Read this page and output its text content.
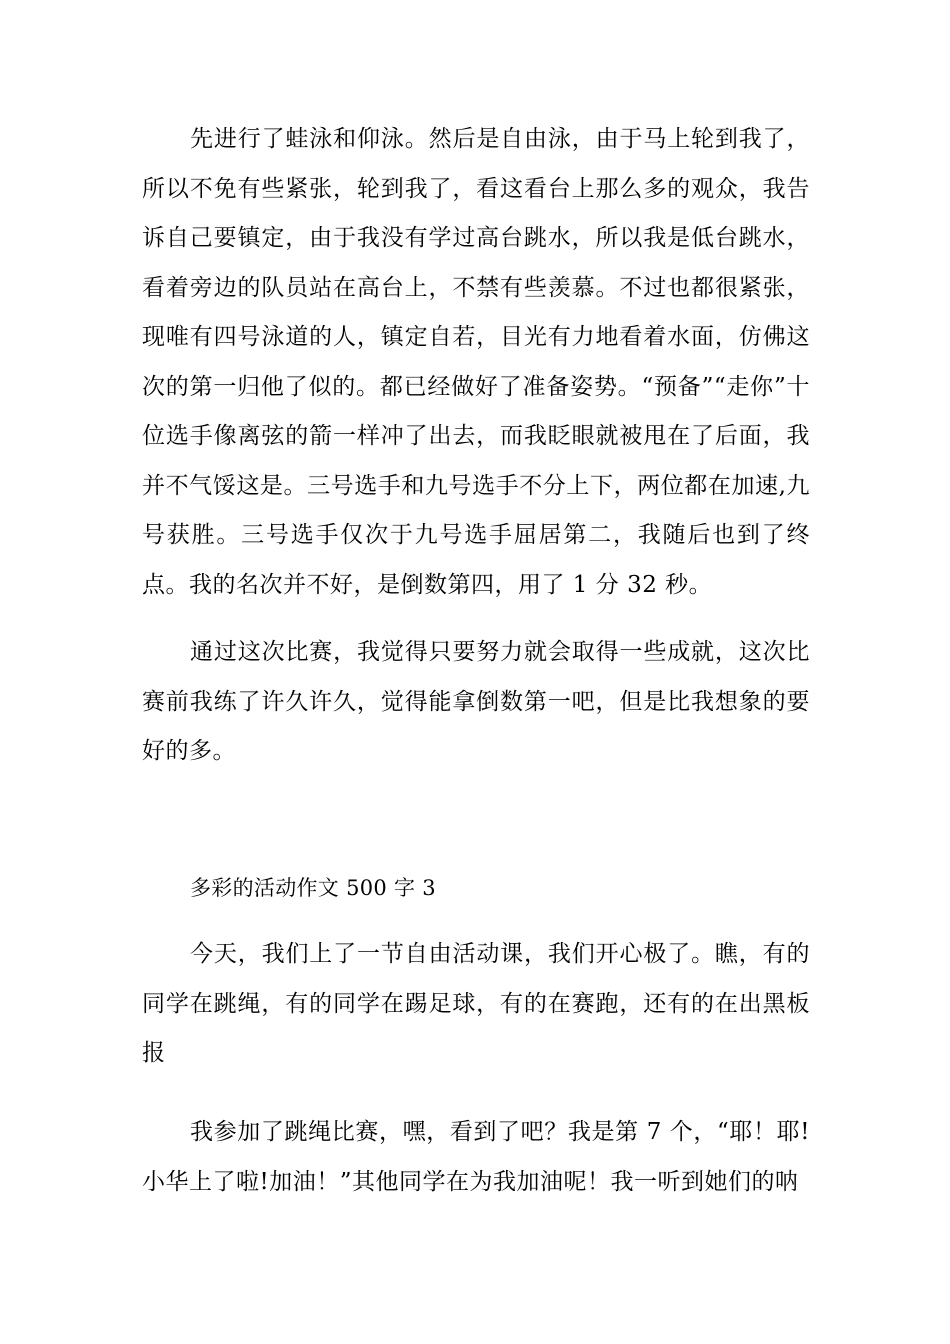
先进行了蛙泳和仰泳。然后是自由泳，由于马上轮到我了，所以不免有些紧张，轮到我了，看这看台上那么多的观众，我告诉自己要镇定，由于我没有学过高台跳水，所以我是低台跳水，看着旁边的队员站在高台上，不禁有些羡慕。不过也都很紧张，现唯有四号泳道的人，镇定自若，目光有力地看着水面，仿佛这次的第一归他了似的。都已经做好了准备姿势。“预备”“走你”十位选手像离弦的箭一样冲了出去，而我眨眼就被甩在了后面，我并不气馁这是。三号选手和九号选手不分上下，两位都在加速,九号获胜。三号选手仅次于九号选手屈居第二，我随后也到了终点。我的名次并不好，是倒数第四，用了 1 分 32 秒。

通过这次比赛，我觉得只要努力就会取得一些成就，这次比赛前我练了许久许久，觉得能拿倒数第一吧，但是比我想象的要好的多。

多彩的活动作文 500 字 3

今天，我们上了一节自由活动课，我们开心极了。瞧，有的同学在跳绳，有的同学在踢足球，有的在赛跑，还有的在出黑板报

我参加了跳绳比赛，嘿，看到了吧？我是第 7 个，“耶！耶!小华上了啦!加油！”其他同学在为我加油呢！我一听到她们的呐
